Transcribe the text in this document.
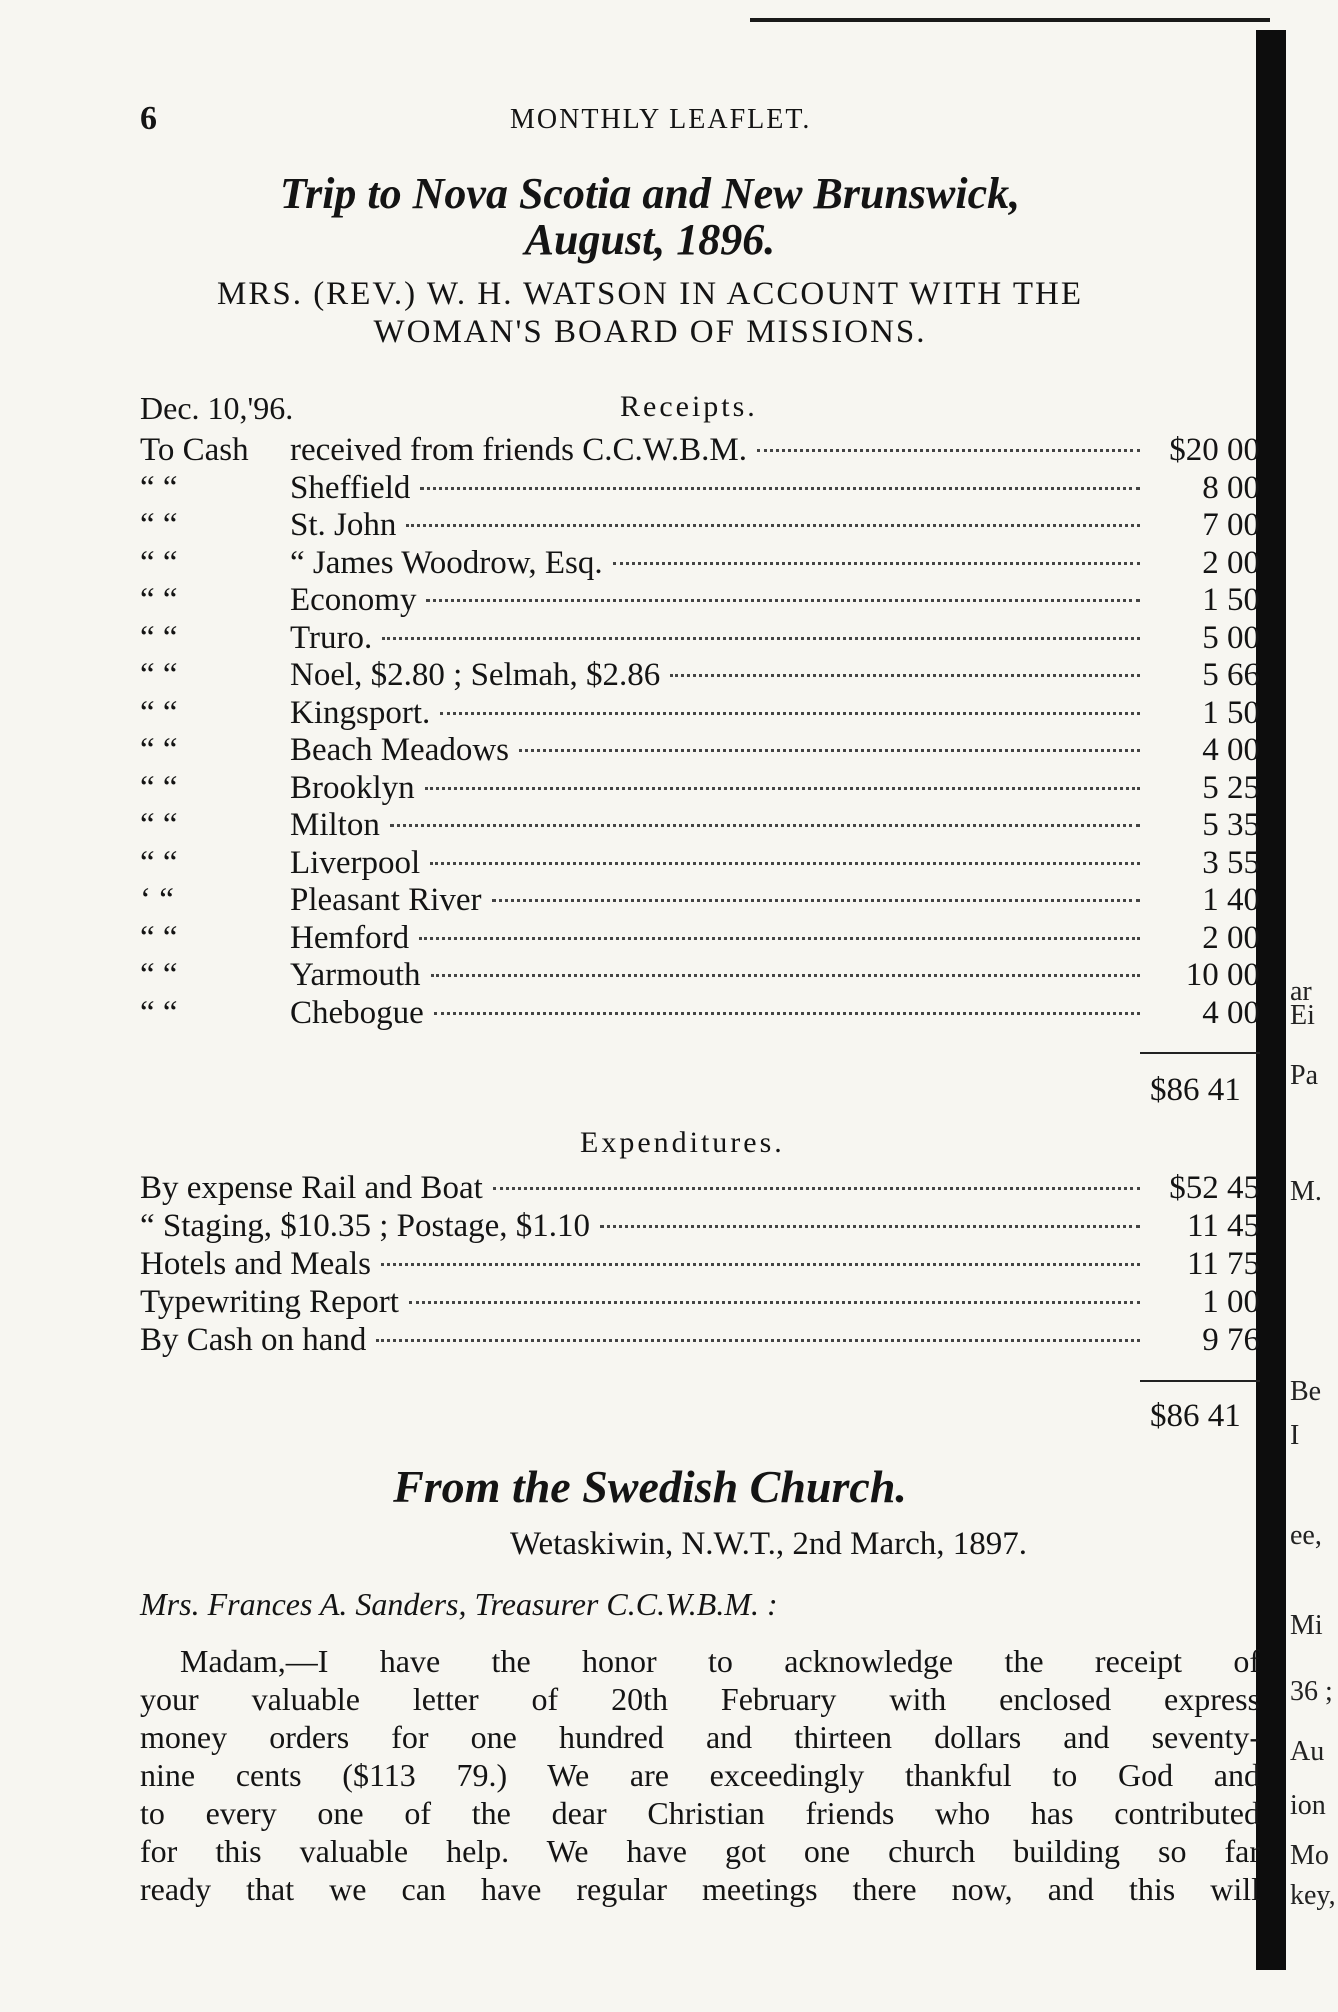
6	MONTHLY LEAFLET.
Trip to Nova Scotia and New Brunswick,
August, 1896.
MRS. (REV.) W. H. WATSON IN ACCOUNT WITH THE
WOMAN'S BOARD OF MISSIONS.
Dec. 10,'96.	Receipts.
To Cash	received from friends C.C.W.B.M.	$20 00
“ “	Sheffield	8 00
“ “	St. John	7 00
“ “	“ James Woodrow, Esq.	2 00
“ “	Economy	1 50
“ “	Truro.	5 00
“ “	Noel, $2.80 ; Selmah, $2.86	5 66
“ “	Kingsport.	1 50
“ “	Beach Meadows	4 00
“ “	Brooklyn	5 25
“ “	Milton	5 35
“ “	Liverpool	3 55
‘ “	Pleasant River	1 40
“ “	Hemford	2 00
“ “	Yarmouth	10 00
“ “	Chebogue	4 00
$86 41
Expenditures.
By expense Rail and Boat	$52 45
“ Staging, $10.35 ; Postage, $1.10	11 45
Hotels and Meals	11 75
Typewriting Report	1 00
By Cash on hand	9 76
$86 41
From the Swedish Church.
Wetaskiwin, N.W.T., 2nd March, 1897.
Mrs. Frances A. Sanders, Treasurer C.C.W.B.M. :

Madam,—I have the honor to acknowledge the receipt of

your valuable letter of 20th February with enclosed express

money orders for one hundred and thirteen dollars and seventy-

nine cents ($113 79.) We are exceedingly thankful to God and

to every one of the dear Christian friends who has contributed

for this valuable help. We have got one church building so far

ready that we can have regular meetings there now, and this will

ar
Ei
Pa
M.
Be
I
ee,
Mi
36 ;
Au
ion
Mo
key,
